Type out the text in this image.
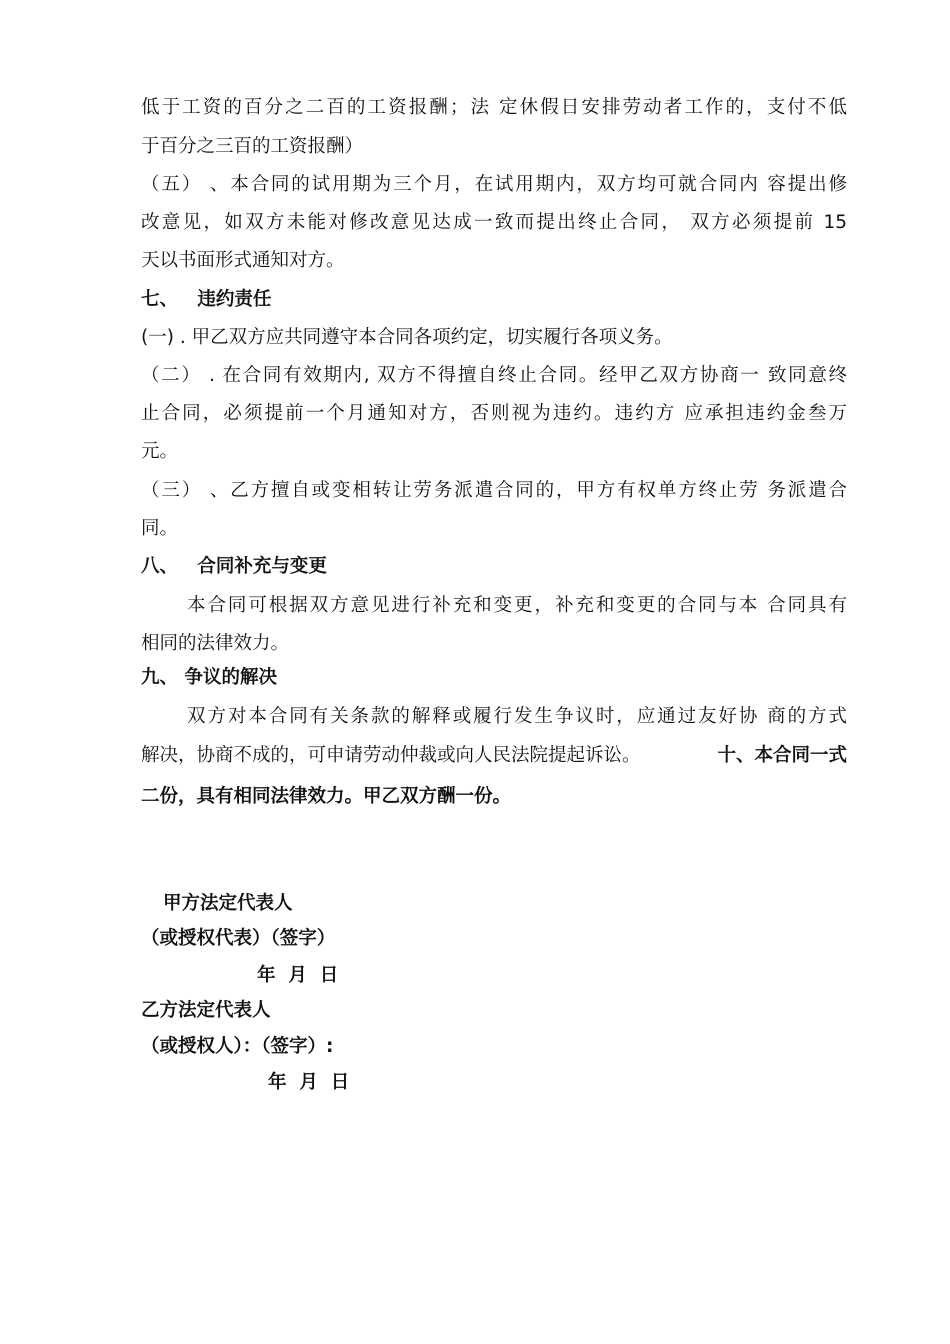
低于工资的百分之二百的工资报酬；法 定休假日安排劳动者工作的，支付不低
于百分之三百的工资报酬）
（五） 、本合同的试用期为三个月，在试用期内，双方均可就合同内 容提出修
改意见，如双方未能对修改意见达成一致而提出终止合同， 双方必须提前 15
天以书面形式通知对方。
七、   违约责任
(一) . 甲乙双方应共同遵守本合同各项约定，切实履行各项义务。
（二） . 在合同有效期内, 双方不得擅自终止合同。经甲乙双方协商一 致同意终
止合同，必须提前一个月通知对方，否则视为违约。违约方 应承担违约金叁万
元。
（三） 、乙方擅自或变相转让劳务派遣合同的，甲方有权单方终止劳 务派遣合
同。
八、   合同补充与变更
本合同可根据双方意见进行补充和变更，补充和变更的合同与本 合同具有
相同的法律效力。
九、 争议的解决
双方对本合同有关条款的解释或履行发生争议时，应通过友好协 商的方式
解决，协商不成的，可申请劳动仲裁或向人民法院提起诉讼。	十、本合同一式
二份，具有相同法律效力。甲乙双方酬一份。
甲方法定代表人
（或授权代表）（签字）
年  月  日
乙方法定代表人
（或授权人）：（签字）:
年  月  日
